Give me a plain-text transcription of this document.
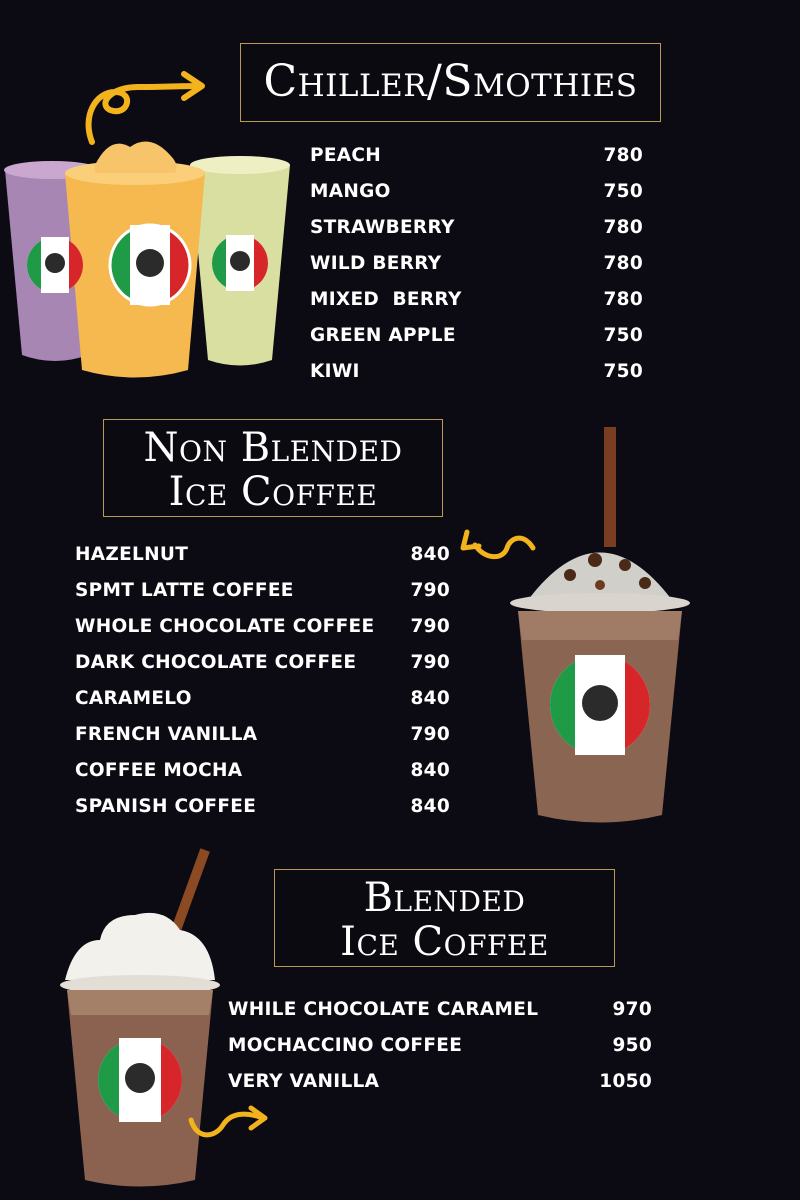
Chiller/Smothies
PEACH	780
MANGO	750
STRAWBERRY	780
WILD BERRY	780
MIXED  BERRY	780
GREEN APPLE	750
KIWI	750
Non Blended
Ice Coffee
HAZELNUT	840
SPMT LATTE COFFEE	790
WHOLE CHOCOLATE COFFEE 790
DARK CHOCOLATE COFFEE	790
CARAMELO	840
FRENCH VANILLA	790
COFFEE MOCHA	840
SPANISH COFFEE	840
Blended
Ice Coffee
WHILE CHOCOLATE CARAMEL	970
MOCHACCINO COFFEE	950
VERY VANILLA	1050
